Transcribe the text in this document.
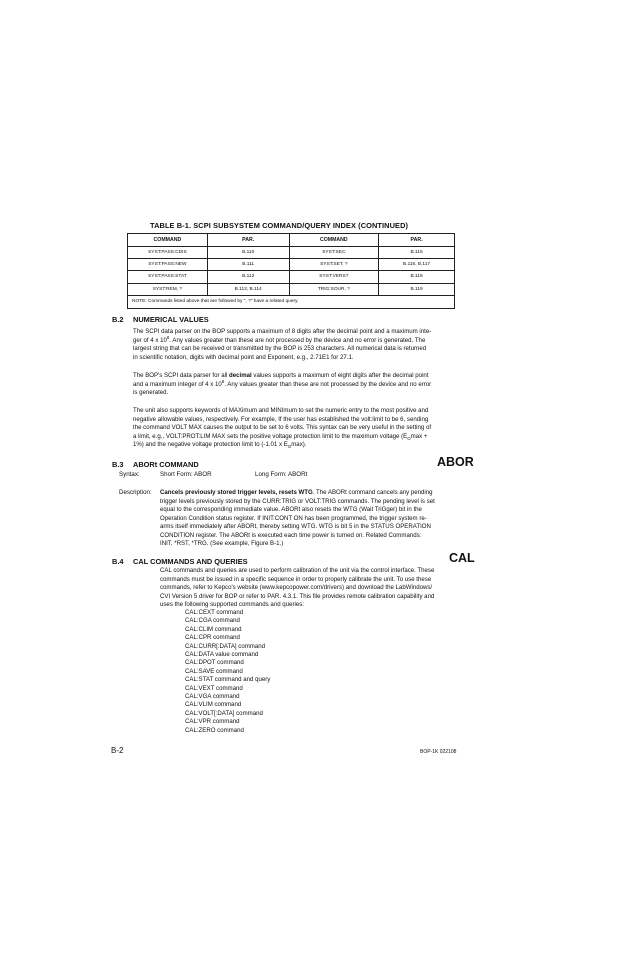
TABLE B-1. SCPI SUBSYSTEM COMMAND/QUERY INDEX (CONTINUED)
COMMAND	PAR.	COMMAND	PAR.
SYST:PASS:CDIS	B.110	SYST:SEC	B.115
SYST:PASS:NEW	B.111	SYST:SET, ?	B.116, B.117
SYST:PASS:STAT	B.112	SYST:VERS?	B.118
SYST:REM, ?	B.113, B.114	TRIG:SOUR, ?	B.119
NOTE: Commands listed above that are followed by ", ?" have a related query.			
B.2 NUMERICAL VALUES
The SCPI data parser on the BOP supports a maximum of 8 digits after the decimal point and a maximum inte-
ger of 4 x $10^8$. Any values greater than these are not processed by the device and no error is generated. The
largest string that can be received or transmitted by the BOP is 253 characters. All numerical data is returned
in scientific notation, digits with decimal point and Exponent, e.g., 2.71E1 for 27.1.
The BOP's SCPI data parser for all decimal values supports a maximum of eight digits after the decimal point
and a maximum integer of 4 x $10^8$. Any values greater than these are not processed by the device and no error
is generated.
The unit also supports keywords of MAXimum and MINImum to set the numeric entry to the most positive and
negative allowable values, respectively. For example, If the user has established the volt:limit to be 6, sending
the command VOLT MAX causes the output to be set to 6 volts. This syntax can be very useful in the setting of
a limit, e.g., VOLT:PROT:LIM MAX sets the positive voltage protection limit to the maximum voltage ($E_O\max$ +
1%) and the negative voltage protection limit to (-1.01 x $E_O\max$).
B.3 ABORt COMMAND	ABOR
Syntax:	Short Form: ABOR	Long Form: ABORt
Description: Cancels previously stored trigger levels, resets WTG. The ABORt command cancels any pending
trigger levels previously stored by the CURR:TRIG or VOLT:TRIG commands. The pending level is set
equal to the corresponding immediate value. ABORt also resets the WTG (Wait TriGger) bit in the
Operation Condition status register. If INIT:CONT ON has been programmed, the trigger system re-
arms itself immediately after ABORt, thereby setting WTG. WTG is bit 5 in the STATUS OPERATION
CONDITION register. The ABORt is executed each time power is turned on. Related Commands:
INIT, *RST, *TRG. (See example, Figure B-1.)
B.4 CAL COMMANDS AND QUERIES	CAL
CAL commands and queries are used to perform calibration of the unit via the control interface. These
commands must be issued in a specific sequence in order to properly calibrate the unit. To use these
commands, refer to Kepco's website (www.kepcopower.com/drivers) and download the LabWindows/
CVI Version 5 driver for BOP or refer to PAR. 4.3.1. This file provides remote calibration capability and
uses the following supported commands and queries:
CAL:CEXT command
CAL:CGA command
CAL:CLIM command
CAL:CPR command
CAL:CURR[:DATA] command
CAL:DATA value command
CAL:DPOT command
CAL:SAVE command
CAL:STAT command and query
CAL:VEXT command
CAL:VGA command
CAL:VLIM command
CAL:VOLT[:DATA] command
CAL:VPR command
CAL:ZERO command
B-2	BOP-1K 022108
